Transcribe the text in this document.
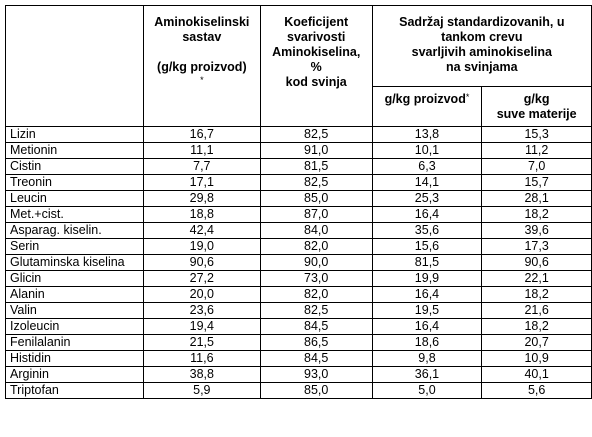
	Aminokiselinski
sastav
(g/kg proizvod)
*	Koeficijent
svarivosti
Aminokiselina,
%
kod svinja	Sadržaj standardizovanih, u
tankom crevu
svarljivih aminokiselina
na svinjama	

			g/kg proizvod*	g/kg
suve materije

Lizin	16,7	82,5	13,8	15,3
Metionin	11,1	91,0	10,1	11,2
Cistin	7,7	81,5	6,3	7,0
Treonin	17,1	82,5	14,1	15,7
Leucin	29,8	85,0	25,3	28,1
Met.+cist.	18,8	87,0	16,4	18,2
Asparag. kiselin.	42,4	84,0	35,6	39,6
Serin	19,0	82,0	15,6	17,3
Glutaminska kiselina	90,6	90,0	81,5	90,6
Glicin	27,2	73,0	19,9	22,1
Alanin	20,0	82,0	16,4	18,2
Valin	23,6	82,5	19,5	21,6
Izoleucin	19,4	84,5	16,4	18,2
Fenilalanin	21,5	86,5	18,6	20,7
Histidin	11,6	84,5	9,8	10,9
Arginin	38,8	93,0	36,1	40,1
Triptofan	5,9	85,0	5,0	5,6
